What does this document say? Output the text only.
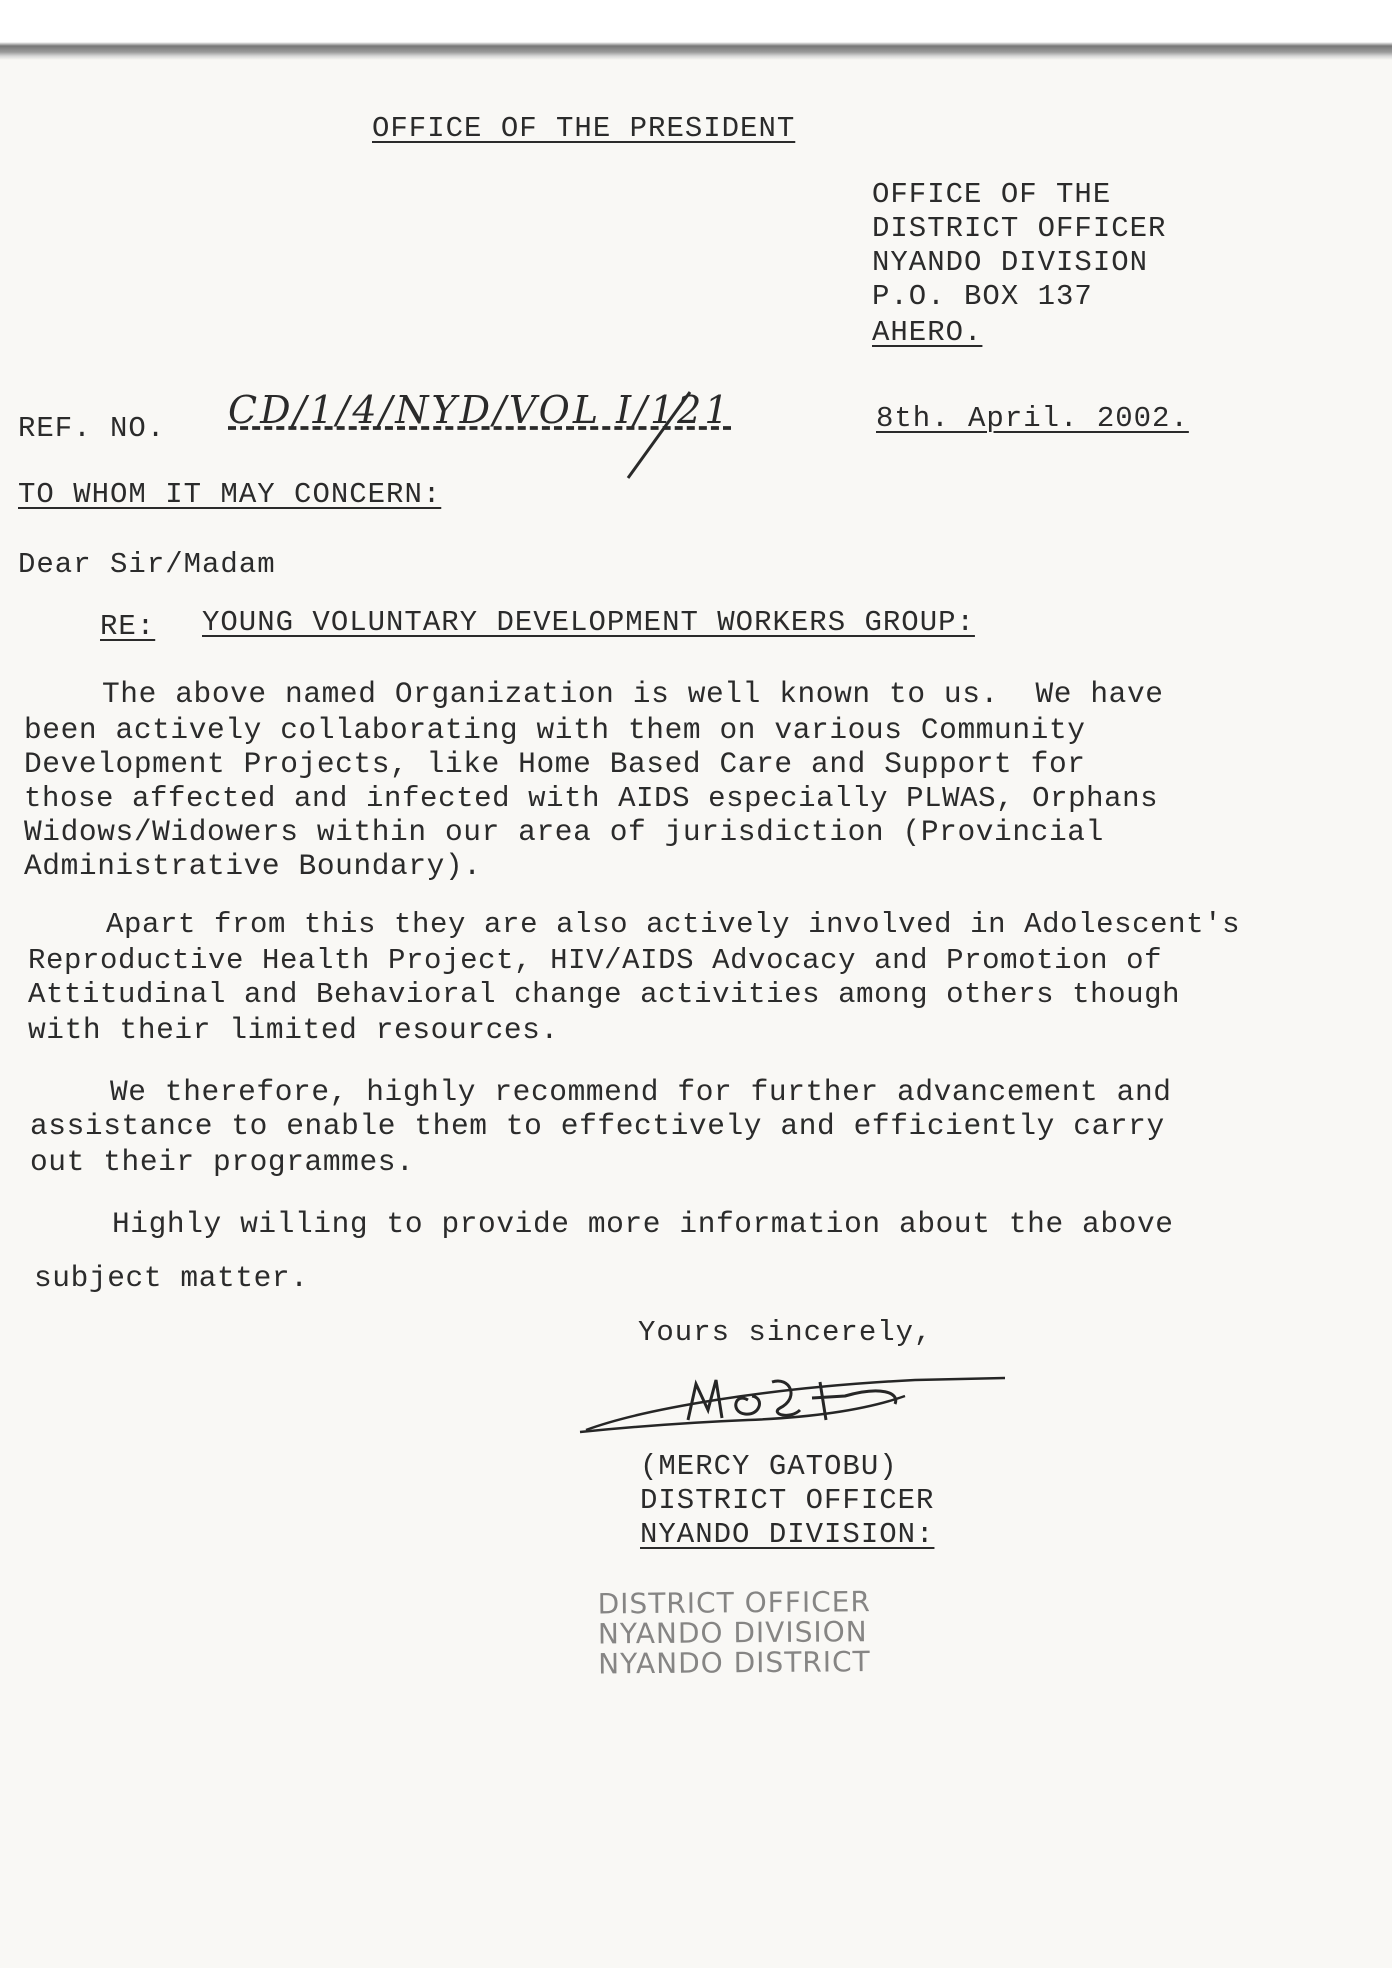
OFFICE OF THE PRESIDENT
OFFICE OF THE
DISTRICT OFFICER
NYANDO DIVISION
P.O. BOX 137
AHERO.
REF. NO. CD/1/4/NYD/VOL I/121	8th. April. 2002.
TO WHOM IT MAY CONCERN:
Dear Sir/Madam
RE: YOUNG VOLUNTARY DEVELOPMENT WORKERS GROUP:
The above named Organization is well known to us.  We have
been actively collaborating with them on various Community
Development Projects, like Home Based Care and Support for
those affected and infected with AIDS especially PLWAS, Orphans
Widows/Widowers within our area of jurisdiction (Provincial
Administrative Boundary).
Apart from this they are also actively involved in Adolescent's
Reproductive Health Project, HIV/AIDS Advocacy and Promotion of
Attitudinal and Behavioral change activities among others though
with their limited resources.
We therefore, highly recommend for further advancement and
assistance to enable them to effectively and efficiently carry
out their programmes.
Highly willing to provide more information about the above
subject matter.
Yours sincerely,
(MERCY GATOBU)
DISTRICT OFFICER
NYANDO DIVISION:
DISTRICT OFFICER
NYANDO DIVISION
NYANDO DISTRICT
